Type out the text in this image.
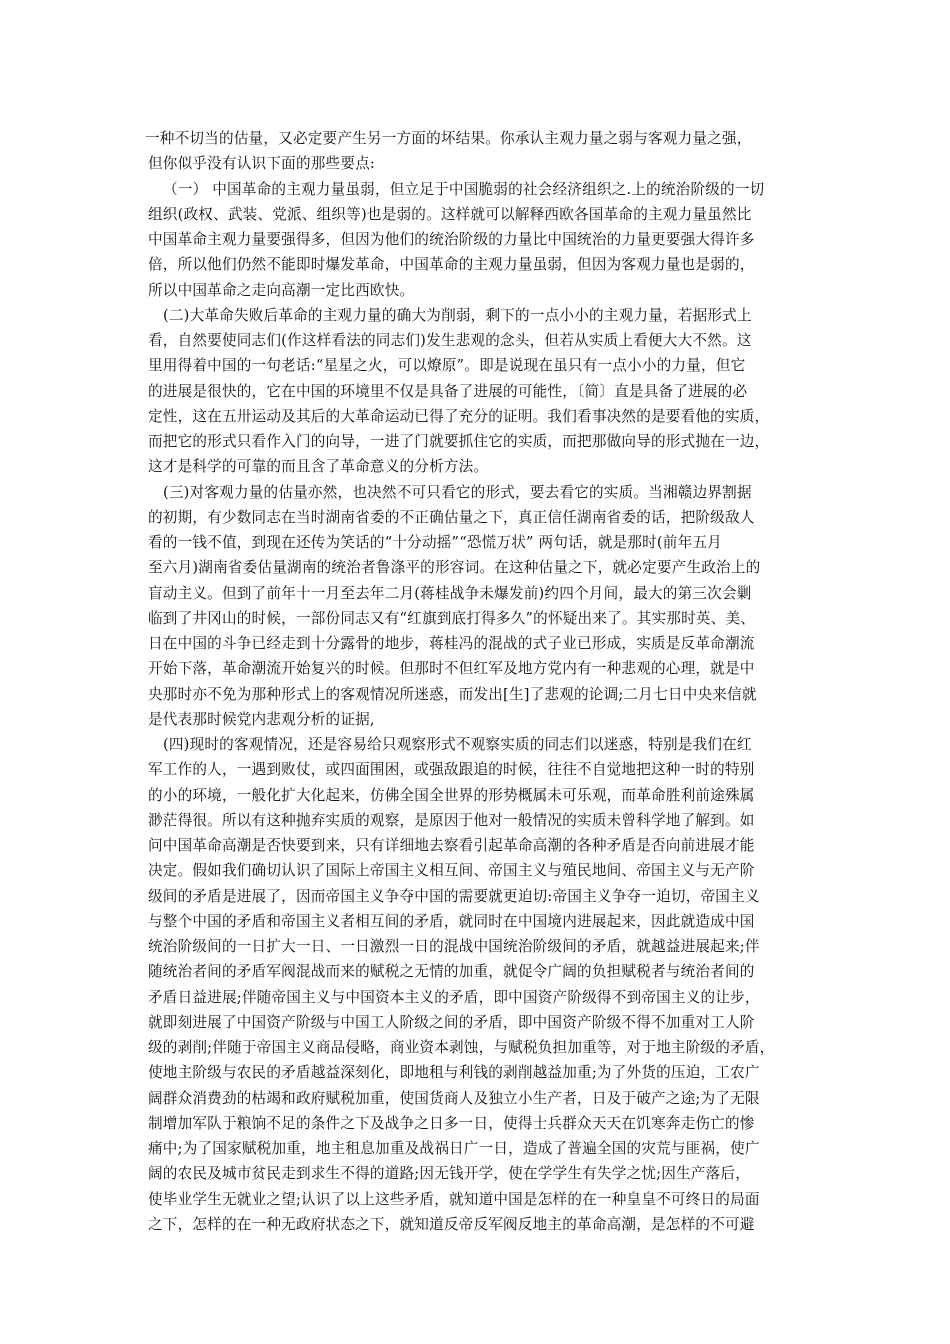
一种不切当的估量，又必定要产生另一方面的坏结果。你承认主观力量之弱与客观力量之强，
但你似乎没有认识下面的那些要点:
（一） 中国革命的主观力量虽弱，但立足于中国脆弱的社会经济组织之.上的统治阶级的一切
组织(政权、武装、党派、组织等)也是弱的。这样就可以解释西欧各国革命的主观力量虽然比
中国革命主观力量要强得多，但因为他们的统治阶级的力量比中国统治的力量更要强大得许多
倍，所以他们仍然不能即时爆发革命，中国革命的主观力量虽弱，但因为客观力量也是弱的，
所以中国革命之走向高潮一定比西欧快。
(二)大革命失败后革命的主观力量的确大为削弱，剩下的一点小小的主观力量，若据形式上
看，自然要使同志们(作这样看法的同志们)发生悲观的念头，但若从实质上看便大大不然。这
里用得着中国的一句老话:“星星之火，可以燎原”。即是说现在虽只有一点小小的力量，但它
的进展是很快的，它在中国的环境里不仅是具备了进展的可能性，〔简〕直是具备了进展的必
定性，这在五卅运动及其后的大革命运动已得了充分的证明。我们看事决然的是要看他的实质，
而把它的形式只看作入门的向导，一进了门就要抓住它的实质，而把那做向导的形式抛在一边，
这才是科学的可靠的而且含了革命意义的分析方法。
(三)对客观力量的估量亦然，也决然不可只看它的形式，要去看它的实质。当湘赣边界割据
的初期，有少数同志在当时湖南省委的不正确估量之下，真正信任湖南省委的话，把阶级敌人
看的一钱不值，到现在还传为笑话的“十分动摇”“恐慌万状” 两句话，就是那时(前年五月
至六月)湖南省委估量湖南的统治者鲁涤平的形容词。在这种估量之下，就必定要产生政治上的
盲动主义。但到了前年十一月至去年二月(蒋桂战争未爆发前)约四个月间，最大的第三次会剿
临到了井冈山的时候，一部份同志又有“红旗到底打得多久”的怀疑出来了。其实那时英、美、
日在中国的斗争已经走到十分露骨的地步，蒋桂冯的混战的式子业已形成，实质是反革命潮流
开始下落，革命潮流开始复兴的时候。但那时不但红军及地方党内有一种悲观的心理，就是中
央那时亦不免为那种形式上的客观情况所迷惑，而发出[生]了悲观的论调;二月七日中央来信就
是代表那时候党内悲观分析的证据,
(四)现时的客观情况，还是容易给只观察形式不观察实质的同志们以迷惑，特别是我们在红
军工作的人，一遇到败仗，或四面围困，或强敌跟追的时候，往往不自觉地把这种一时的特别
的小的环境，一般化扩大化起来，仿佛全国全世界的形势概属未可乐观，而革命胜利前途殊属
渺茫得很。所以有这种抛弃实质的观察，是原因于他对一般情况的实质未曾科学地了解到。如
问中国革命高潮是否快要到来，只有详细地去察看引起革命高潮的各种矛盾是否向前进展才能
决定。假如我们确切认识了国际上帝国主义相互间、帝国主义与殖民地间、帝国主义与无产阶
级间的矛盾是进展了，因而帝国主义争夺中国的需要就更迫切:帝国主义争夺一迫切，帝国主义
与整个中国的矛盾和帝国主义者相互间的矛盾，就同时在中国境内进展起来，因此就造成中国
统治阶级间的一日扩大一日、一日激烈一日的混战中国统治阶级间的矛盾，就越益进展起来;伴
随统治者间的矛盾军阀混战而来的赋税之无情的加重，就促令广阔的负担赋税者与统治者间的
矛盾日益进展;伴随帝国主义与中国资本主义的矛盾，即中国资产阶级得不到帝国主义的让步，
就即刻进展了中国资产阶级与中国工人阶级之间的矛盾，即中国资产阶级不得不加重对工人阶
级的剥削;伴随于帝国主义商品侵略，商业资本剥蚀，与赋税负担加重等，对于地主阶级的矛盾，
使地主阶级与农民的矛盾越益深刻化，即地租与利钱的剥削越益加重;为了外货的压迫，工农广
阔群众消费劲的枯竭和政府赋税加重，使国货商人及独立小生产者，日及于破产之途;为了无限
制增加军队于粮饷不足的条件之下及战争之日多一日，使得士兵群众天天在饥寒奔走伤亡的惨
痛中;为了国家赋税加重，地主租息加重及战祸日广一日，造成了普遍全国的灾荒与匪祸，使广
阔的农民及城市贫民走到求生不得的道路;因无钱开学，使在学学生有失学之忧;因生产落后，
使毕业学生无就业之望;认识了以上这些矛盾，就知道中国是怎样的在一种皇皇不可终日的局面
之下，怎样的在一种无政府状态之下，就知道反帝反军阀反地主的革命高潮，是怎样的不可避
